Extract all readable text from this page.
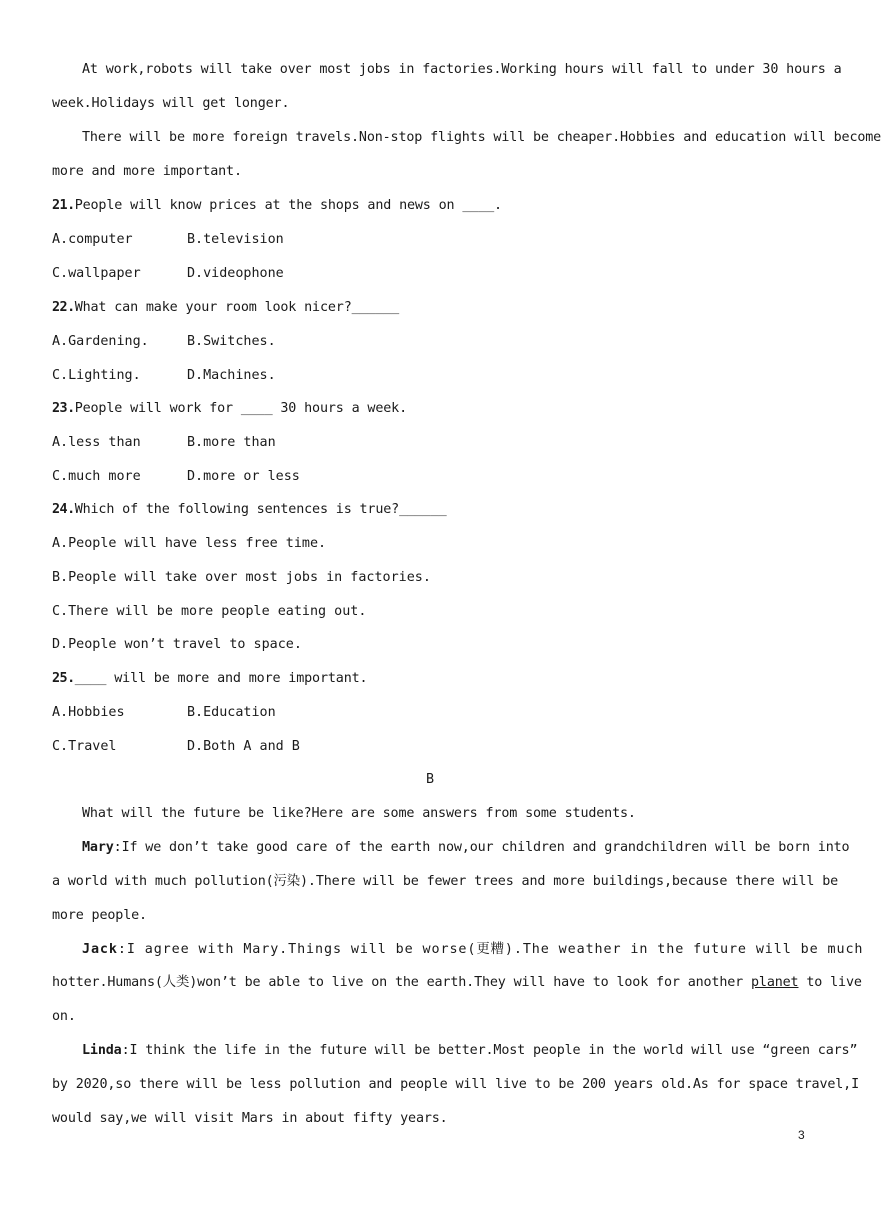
At work,robots will take over most jobs in factories.Working hours will fall to under 30 hours a
week.Holidays will get longer.
There will be more foreign travels.Non-stop flights will be cheaper.Hobbies and education will become
more and more important.
21.People will know prices at the shops and news on ____.
A.computer	B.television
C.wallpaper	D.videophone
22.What can make your room look nicer?______
A.Gardening.	B.Switches.
C.Lighting.	D.Machines.
23.People will work for ____ 30 hours a week.
A.less than	B.more than
C.much more	D.more or less
24.Which of the following sentences is true?______
A.People will have less free time.
B.People will take over most jobs in factories.
C.There will be more people eating out.
D.People won’t travel to space.
25.____ will be more and more important.
A.Hobbies	B.Education
C.Travel	D.Both A and B
B
What will the future be like?Here are some answers from some students.
Mary:If we don’t take good care of the earth now,our children and grandchildren will be born into
a world with much pollution(污染).There will be fewer trees and more buildings,because there will be
more people.
Jack:I agree with Mary.Things will be worse(更糟).The weather in the future will be much
hotter.Humans(人类)won’t be able to live on the earth.They will have to look for another planet to live
on.
Linda:I think the life in the future will be better.Most people in the world will use “green cars”
by 2020,so there will be less pollution and people will live to be 200 years old.As for space travel,I
would say,we will visit Mars in about fifty years.
3
